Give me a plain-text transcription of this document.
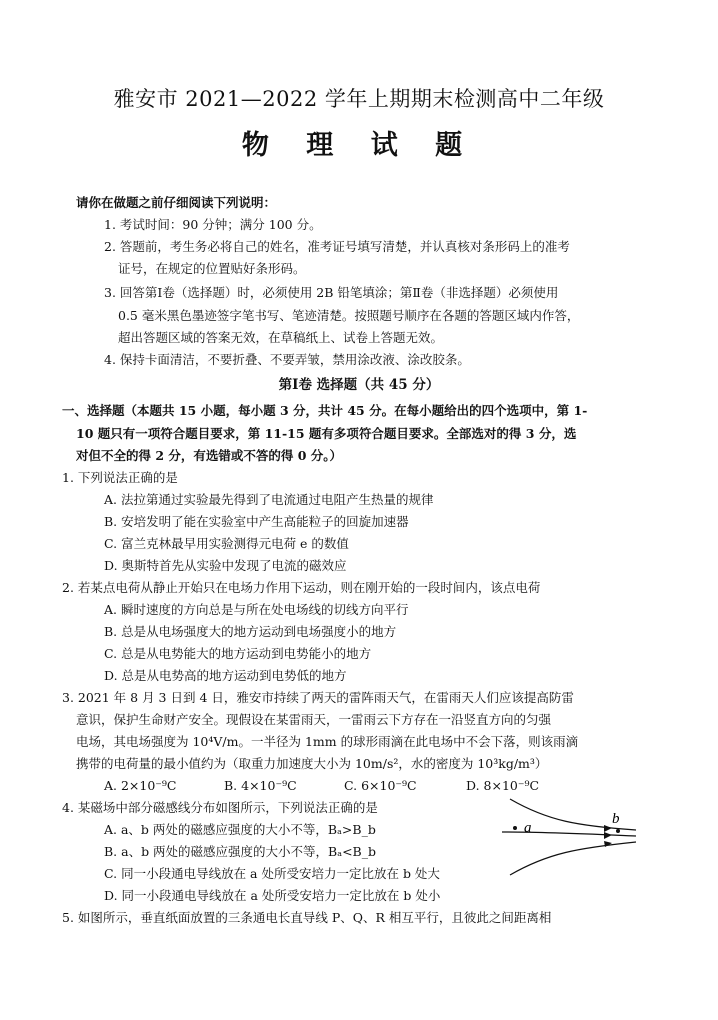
雅安市 2021—2022 学年上期期末检测高中二年级
物 理 试 题
请你在做题之前仔细阅读下列说明：
1. 考试时间：90 分钟；满分 100 分。
2. 答题前，考生务必将自己的姓名，准考证号填写清楚，并认真核对条形码上的准考
证号，在规定的位置贴好条形码。
3. 回答第Ⅰ卷（选择题）时，必须使用 2B 铅笔填涂；第Ⅱ卷（非选择题）必须使用
0.5 毫米黑色墨迹签字笔书写、笔迹清楚。按照题号顺序在各题的答题区域内作答，
超出答题区域的答案无效，在草稿纸上、试卷上答题无效。
4. 保持卡面清洁，不要折叠、不要弄皱，禁用涂改液、涂改胶条。
第Ⅰ卷 选择题（共 45 分）
一、选择题（本题共 15 小题，每小题 3 分，共计 45 分。在每小题给出的四个选项中，第 1-
10 题只有一项符合题目要求，第 11-15 题有多项符合题目要求。全部选对的得 3 分，选
对但不全的得 2 分，有选错或不答的得 0 分。）
1. 下列说法正确的是
A. 法拉第通过实验最先得到了电流通过电阻产生热量的规律
B. 安培发明了能在实验室中产生高能粒子的回旋加速器
C. 富兰克林最早用实验测得元电荷 e 的数值
D. 奥斯特首先从实验中发现了电流的磁效应
2. 若某点电荷从静止开始只在电场力作用下运动，则在刚开始的一段时间内，该点电荷
A. 瞬时速度的方向总是与所在处电场线的切线方向平行
B. 总是从电场强度大的地方运动到电场强度小的地方
C. 总是从电势能大的地方运动到电势能小的地方
D. 总是从电势高的地方运动到电势低的地方
3. 2021 年 8 月 3 日到 4 日，雅安市持续了两天的雷阵雨天气，在雷雨天人们应该提高防雷
意识，保护生命财产安全。现假设在某雷雨天，一雷雨云下方存在一沿竖直方向的匀强
电场，其电场强度为 10⁴V/m。一半径为 1mm 的球形雨滴在此电场中不会下落，则该雨滴
携带的电荷量的最小值约为（取重力加速度大小为 10m/s²，水的密度为 10³kg/m³）
A. 2×10⁻⁹C	B. 4×10⁻⁹C	C. 6×10⁻⁹C	D. 8×10⁻⁹C
4. 某磁场中部分磁感线分布如图所示，下列说法正确的是
A. a、b 两处的磁感应强度的大小不等，Bₐ>B_b
B. a、b 两处的磁感应强度的大小不等，Bₐ<B_b
C. 同一小段通电导线放在 a 处所受安培力一定比放在 b 处大
D. 同一小段通电导线放在 a 处所受安培力一定比放在 b 处小
a
b
5. 如图所示，垂直纸面放置的三条通电长直导线 P、Q、R 相互平行，且彼此之间距离相
